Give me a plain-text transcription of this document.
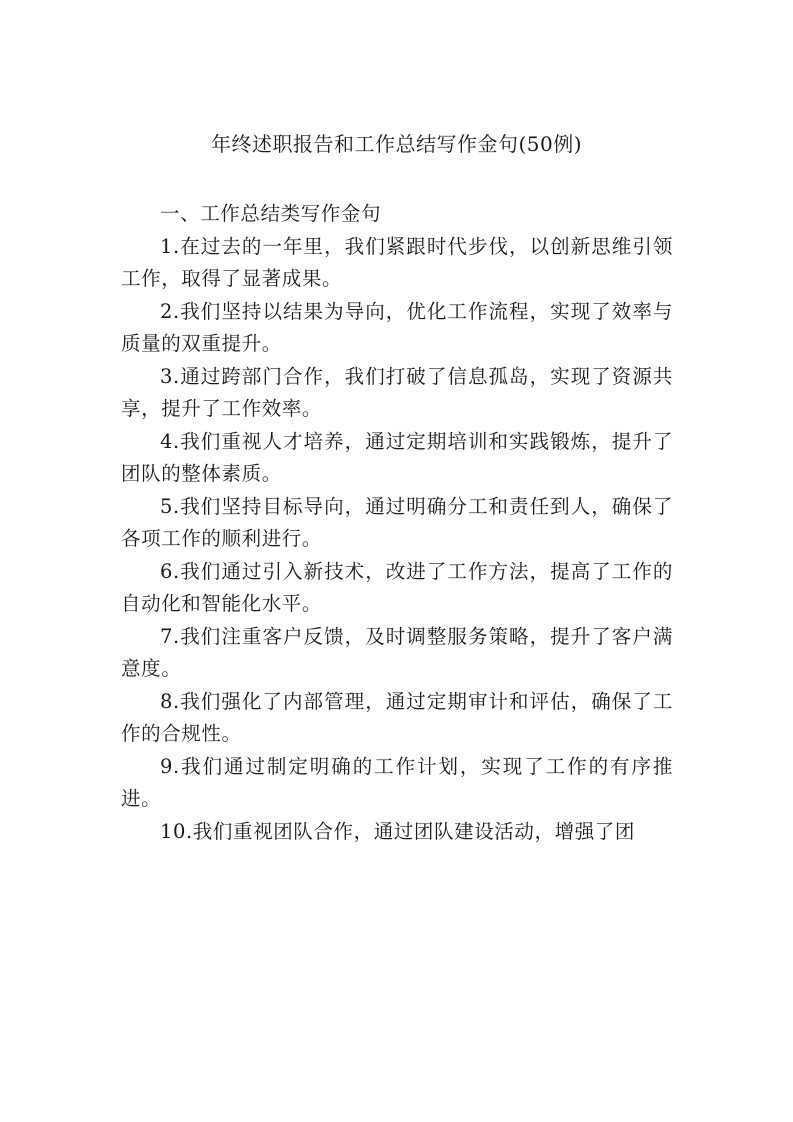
年终述职报告和工作总结写作金句(50例)

一、工作总结类写作金句

1.在过去的一年里，我们紧跟时代步伐，以创新思维引领工作，取得了显著成果。

2.我们坚持以结果为导向，优化工作流程，实现了效率与质量的双重提升。

3.通过跨部门合作，我们打破了信息孤岛，实现了资源共享，提升了工作效率。

4.我们重视人才培养，通过定期培训和实践锻炼，提升了团队的整体素质。

5.我们坚持目标导向，通过明确分工和责任到人，确保了各项工作的顺利进行。

6.我们通过引入新技术，改进了工作方法，提高了工作的自动化和智能化水平。

7.我们注重客户反馈，及时调整服务策略，提升了客户满意度。

8.我们强化了内部管理，通过定期审计和评估，确保了工作的合规性。

9.我们通过制定明确的工作计划，实现了工作的有序推进。

10.我们重视团队合作，通过团队建设活动，增强了团
